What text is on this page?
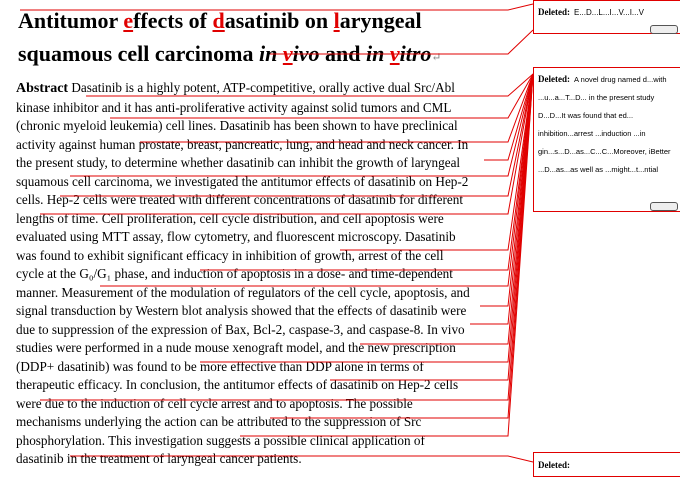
Antitumor effects of dasatinib on laryngeal
squamous cell carcinoma in vivo and in vitro↵
Abstract Dasatinib is a highly potent, ATP-competitive, orally active dual Src/Abl
kinase inhibitor and it has anti-proliferative activity against solid tumors and CML
(chronic myeloid leukemia) cell lines. Dasatinib has been shown to have preclinical
activity against human prostate, breast, pancreatic, lung, and head and neck cancer. In
the present study, to determine whether dasatinib can inhibit the growth of laryngeal
squamous cell carcinoma, we investigated the antitumor effects of dasatinib on Hep-2
cells. Hep-2 cells were treated with different concentrations of dasatinib for different
lengths of time. Cell proliferation, cell cycle distribution, and cell apoptosis were
evaluated using MTT assay, flow cytometry, and fluorescent microscopy. Dasatinib
was found to exhibit significant efficacy in inhibition of growth, arrest of the cell
cycle at the G₀/G₁ phase, and induction of apoptosis in a dose- and time-dependent
manner. Measurement of the modulation of regulators of the cell cycle, apoptosis, and
signal transduction by Western blot analysis showed that the effects of dasatinib were
due to suppression of the expression of Bax, Bcl-2, caspase-3, and caspase-8. In vivo
studies were performed in a nude mouse xenograft model, and the new prescription
(DDP+ dasatinib) was found to be more effective than DDP alone in terms of
therapeutic efficacy. In conclusion, the antitumor effects of dasatinib on Hep-2 cells
were due to the induction of cell cycle arrest and to apoptosis. The possible
mechanisms underlying the action can be attributed to the suppression of Src
phosphorylation. This investigation suggests a possible clinical application of
dasatinib in the treatment of laryngeal cancer patients.
Deleted: E...D...L...I...V...I...V
Deleted: A novel drug named d...with ...u...a...T...D... in the present study D...D...It was found that ed... inhibition...arrest ...induction ...in gin...s...D...as...C...C...Moreover, iBetter ...D...as...as well as ...might...t...ntial
Deleted:
